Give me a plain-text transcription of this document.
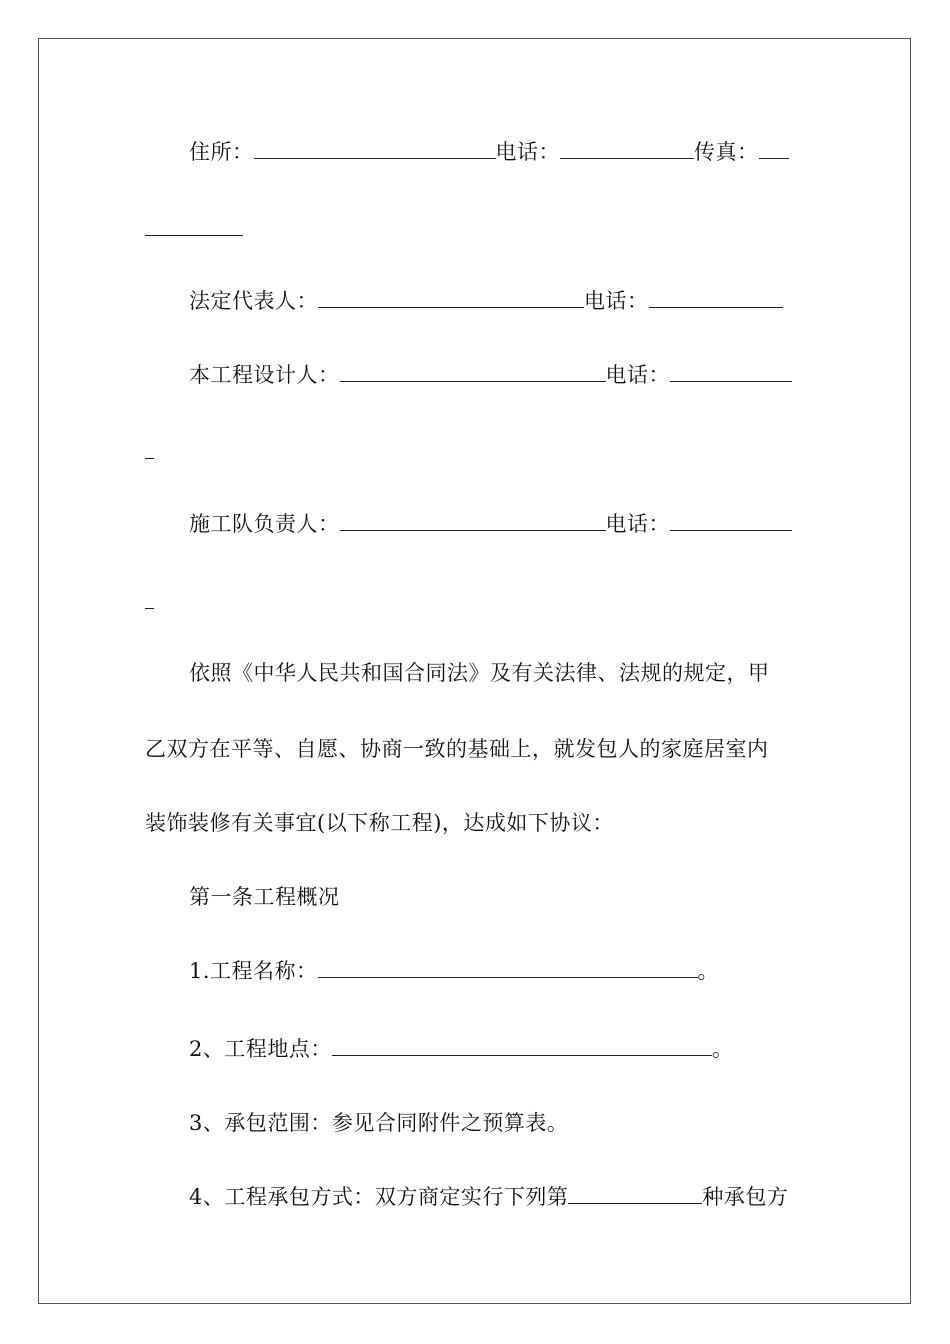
住所：	电话：	传真：
法定代表人：	电话：
本工程设计人：	电话：
施工队负责人：	电话：
依照《中华人民共和国合同法》及有关法律、法规的规定，甲
乙双方在平等、自愿、协商一致的基础上，就发包人的家庭居室内
装饰装修有关事宜(以下称工程)，达成如下协议：
第一条工程概况
1.工程名称：	。
2、工程地点：	。
3、承包范围：参见合同附件之预算表。
4、工程承包方式：双方商定实行下列第	种承包方
